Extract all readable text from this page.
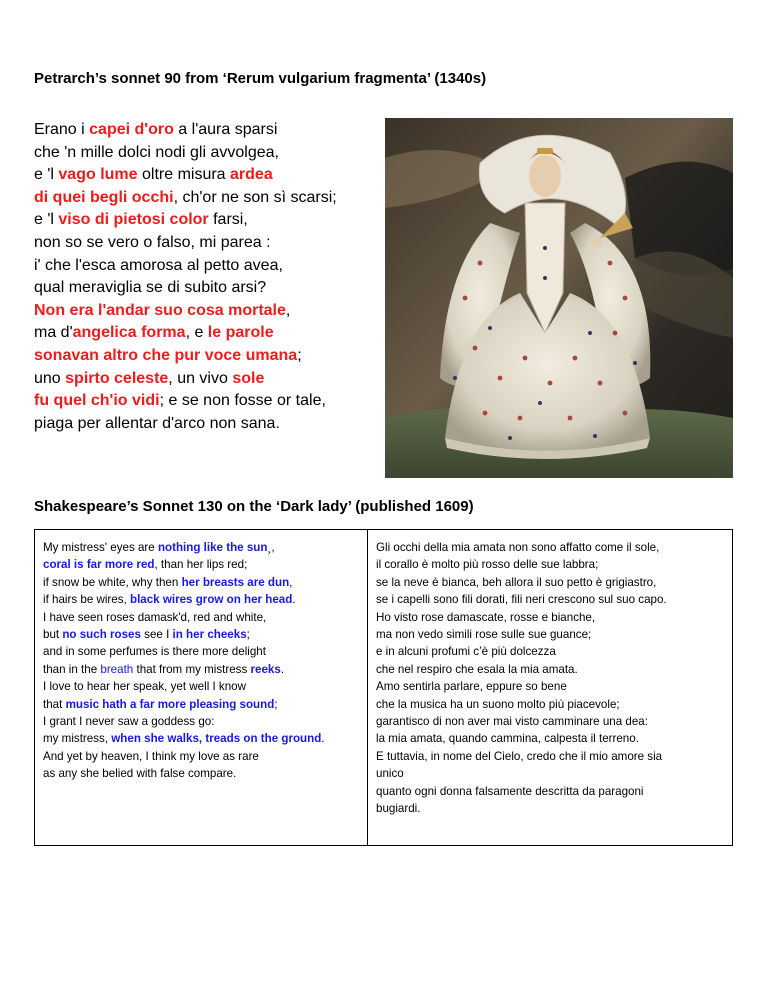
Petrarch’s sonnet 90 from ‘Rerum vulgarium fragmenta’ (1340s)
Erano i capei d'oro a l'aura sparsi
che 'n mille dolci nodi gli avvolgea,
e 'l vago lume oltre misura ardea
di quei begli occhi, ch'or ne son sì scarsi;
e 'l viso di pietosi color farsi,
non so se vero o falso, mi parea :
i' che l'esca amorosa al petto avea,
qual meraviglia se di subito arsi?
Non era l'andar suo cosa mortale,
ma d'angelica forma, e le parole
sonavan altro che pur voce umana;
uno spirto celeste, un vivo sole
fu quel ch'io vidi; e se non fosse or tale,
piaga per allentar d'arco non sana.
Shakespeare’s Sonnet 130 on the ‘Dark lady’ (published 1609)
My mistress' eyes are nothing like the sun¸,
coral is far more red, than her lips red;
if snow be white, why then her breasts are dun,
if hairs be wires, black wires grow on her head.
I have seen roses damask'd, red and white,
but no such roses see I in her cheeks;
and in some perfumes is there more delight
than in the breath that from my mistress reeks.
I love to hear her speak, yet well I know
that music hath a far more pleasing sound;
I grant I never saw a goddess go:
my mistress, when she walks, treads on the ground.
And yet by heaven, I think my love as rare
as any she belied with false compare.
Gli occhi della mia amata non sono affatto come il sole,
il corallo è molto più rosso delle sue labbra;
se la neve è bianca, beh allora il suo petto è grigiastro,
se i capelli sono fili dorati, fili neri crescono sul suo capo.
Ho visto rose damascate, rosse e bianche,
ma non vedo simili rose sulle sue guance;
e in alcuni profumi c’è più dolcezza
che nel respiro che esala la mia amata.
Amo sentirla parlare, eppure so bene
che la musica ha un suono molto più piacevole;
garantisco di non aver mai visto camminare una dea:
la mia amata, quando cammina, calpesta il terreno.
E tuttavia, in nome del Cielo, credo che il mio amore sia
unico
quanto ogni donna falsamente descritta da paragoni
bugiardi.
